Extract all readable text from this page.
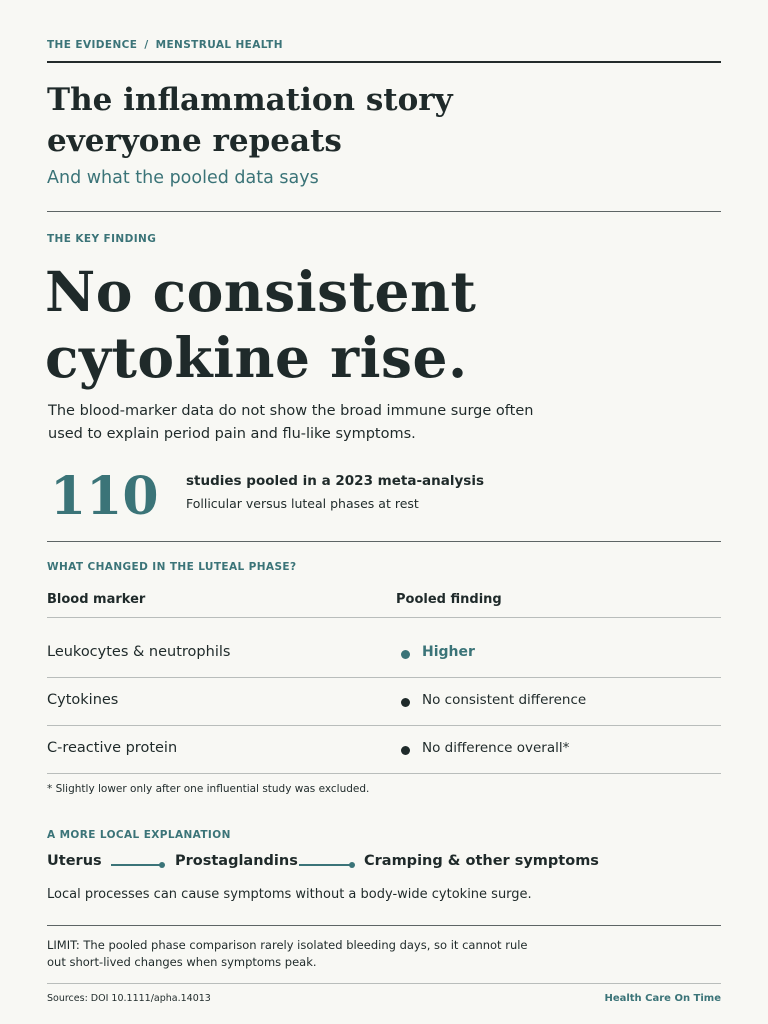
THE EVIDENCE / MENSTRUAL HEALTH
The inflammation story everyone repeats
And what the pooled data says
THE KEY FINDING
No consistent cytokine rise.

The blood-marker data do not show the broad immune surge often used to explain period pain and flu-like symptoms.

110 studies pooled in a 2023 meta-analysis
Follicular versus luteal phases at rest
WHAT CHANGED IN THE LUTEAL PHASE?
Blood marker	Pooled finding
Leukocytes & neutrophils	Higher
Cytokines	No consistent difference
C-reactive protein	No difference overall*
* Slightly lower only after one influential study was excluded.
A MORE LOCAL EXPLANATION
Uterus	Prostaglandins	Cramping & other symptoms
Local processes can cause symptoms without a body-wide cytokine surge.

LIMIT: The pooled phase comparison rarely isolated bleeding days, so it cannot rule out short-lived changes when symptoms peak.

Sources: DOI 10.1111/apha.14013	Health Care On Time
